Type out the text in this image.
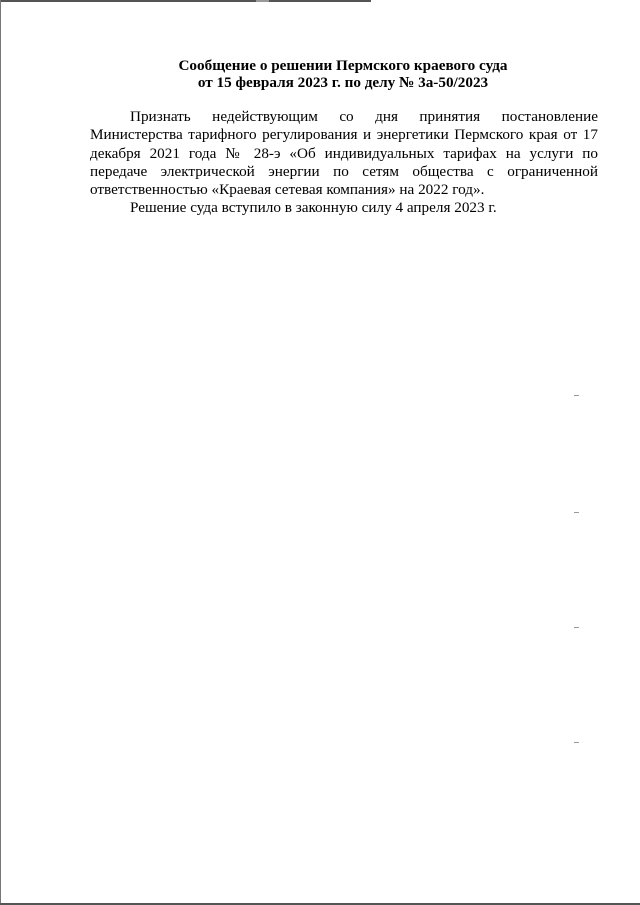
Сообщение о решении Пермского краевого суда
от 15 февраля 2023 г. по делу № 3а-50/2023

Признать недействующим со дня принятия постановление Министерства тарифного регулирования и энергетики Пермского края от 17 декабря 2021 года № 28-э «Об индивидуальных тарифах на услуги по передаче электрической энергии по сетям общества с ограниченной ответственностью «Краевая сетевая компания» на 2022 год».

Решение суда вступило в законную силу 4 апреля 2023 г.
